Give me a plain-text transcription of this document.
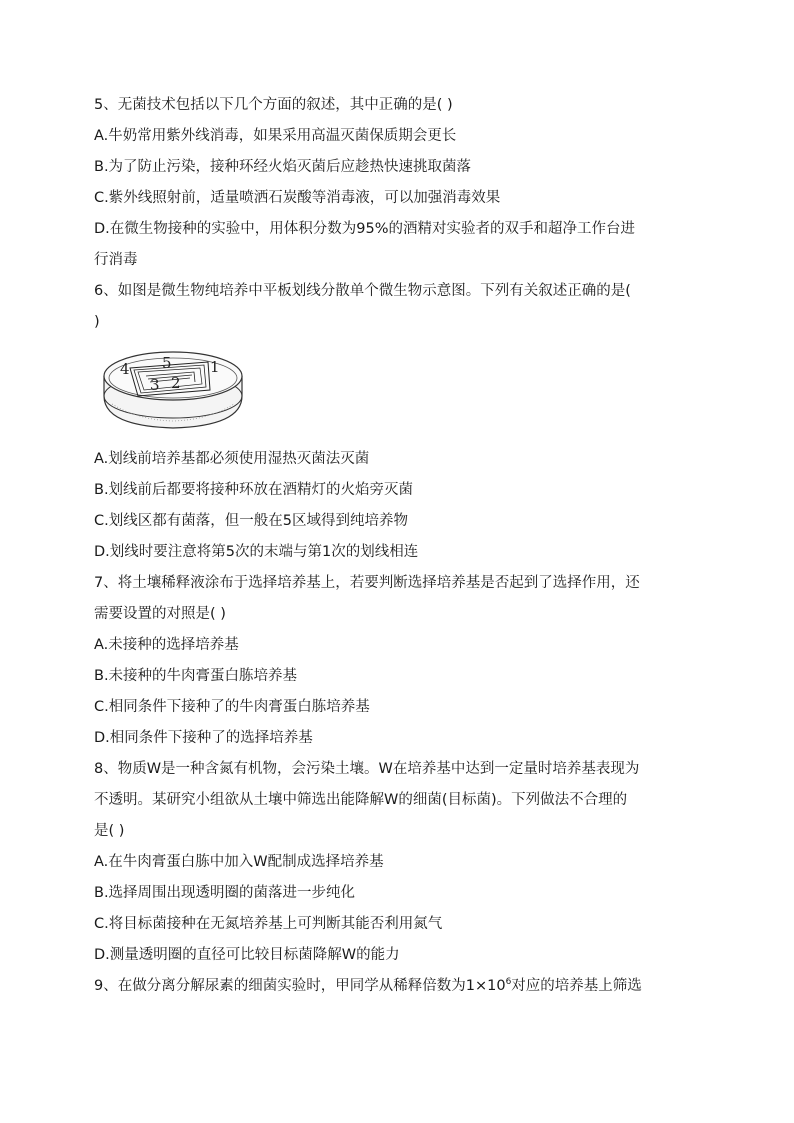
5、无菌技术包括以下几个方面的叙述，其中正确的是( )
A.牛奶常用紫外线消毒，如果采用高温灭菌保质期会更长
B.为了防止污染，接种环经火焰灭菌后应趁热快速挑取菌落
C.紫外线照射前，适量喷洒石炭酸等消毒液，可以加强消毒效果
D.在微生物接种的实验中，用体积分数为95%的酒精对实验者的双手和超净工作台进
行消毒
6、如图是微生物纯培养中平板划线分散单个微生物示意图。下列有关叙述正确的是(
)
4 5	1
3 2
A.划线前培养基都必须使用湿热灭菌法灭菌
B.划线前后都要将接种环放在酒精灯的火焰旁灭菌
C.划线区都有菌落，但一般在5区域得到纯培养物
D.划线时要注意将第5次的末端与第1次的划线相连
7、将土壤稀释液涂布于选择培养基上，若要判断选择培养基是否起到了选择作用，还
需要设置的对照是( )
A.未接种的选择培养基
B.未接种的牛肉膏蛋白胨培养基
C.相同条件下接种了的牛肉膏蛋白胨培养基
D.相同条件下接种了的选择培养基
8、物质W是一种含氮有机物，会污染土壤。W在培养基中达到一定量时培养基表现为
不透明。某研究小组欲从土壤中筛选出能降解W的细菌(目标菌)。下列做法不合理的
是( )
A.在牛肉膏蛋白胨中加入W配制成选择培养基
B.选择周围出现透明圈的菌落进一步纯化
C.将目标菌接种在无氮培养基上可判断其能否利用氮气
D.测量透明圈的直径可比较目标菌降解W的能力
9、在做分离分解尿素的细菌实验时，甲同学从稀释倍数为$1\times 10^6$对应的培养基上筛选
